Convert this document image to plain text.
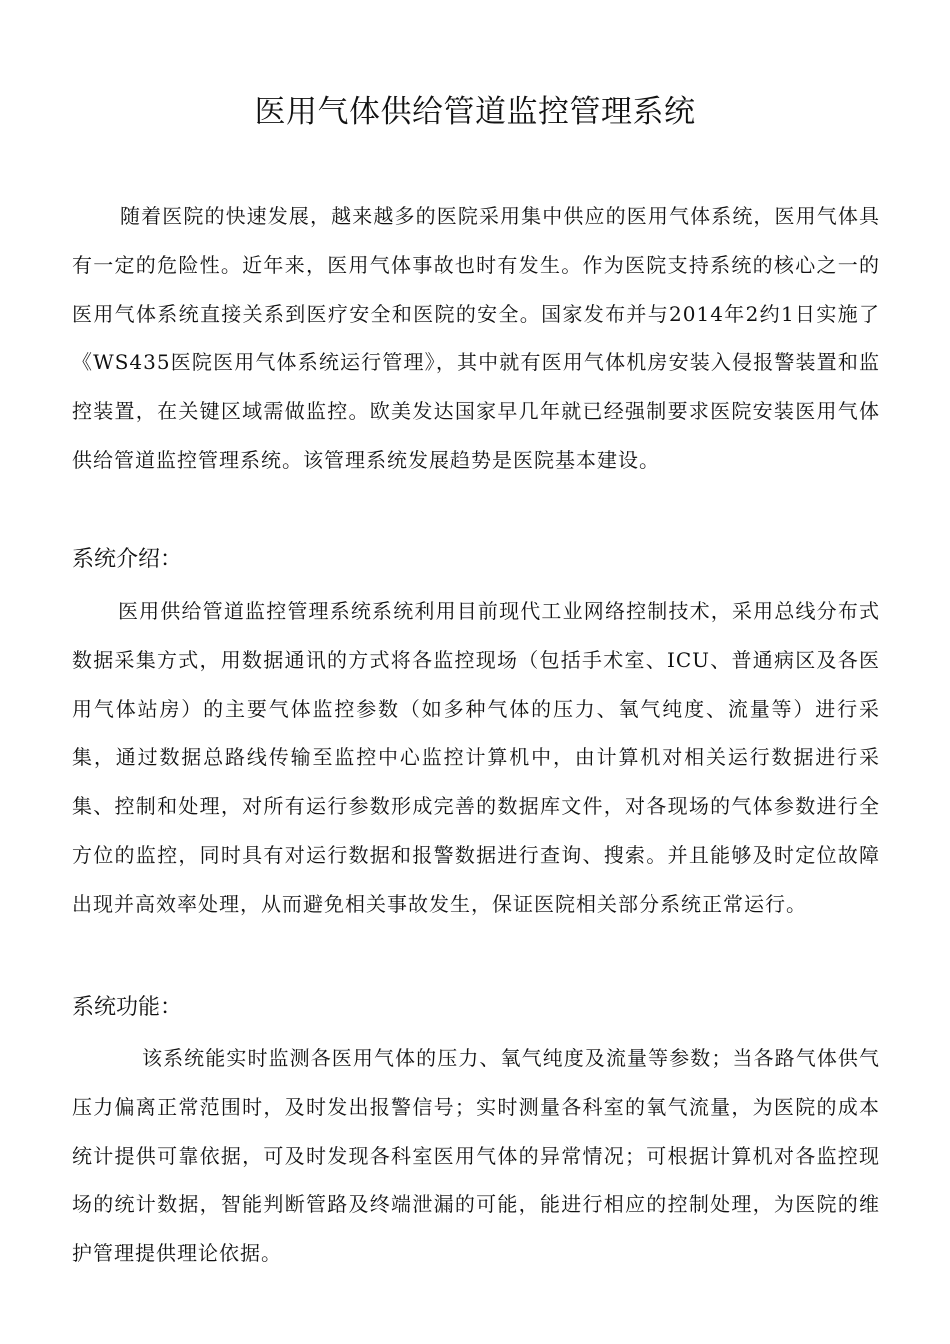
医用气体供给管道监控管理系统

随着医院的快速发展，越来越多的医院采用集中供应的医用气体系统，医用气体具有一定的危险性。近年来，医用气体事故也时有发生。作为医院支持系统的核心之一的医用气体系统直接关系到医疗安全和医院的安全。国家发布并与2014年2约1日实施了《WS435医院医用气体系统运行管理》，其中就有医用气体机房安装入侵报警装置和监控装置，在关键区域需做监控。欧美发达国家早几年就已经强制要求医院安装医用气体供给管道监控管理系统。该管理系统发展趋势是医院基本建设。

系统介绍：

医用供给管道监控管理系统系统利用目前现代工业网络控制技术，采用总线分布式数据采集方式，用数据通讯的方式将各监控现场（包括手术室、ICU、普通病区及各医用气体站房）的主要气体监控参数（如多种气体的压力、氧气纯度、流量等）进行采集，通过数据总路线传输至监控中心监控计算机中，由计算机对相关运行数据进行采集、控制和处理，对所有运行参数形成完善的数据库文件，对各现场的气体参数进行全方位的监控，同时具有对运行数据和报警数据进行查询、搜索。并且能够及时定位故障出现并高效率处理，从而避免相关事故发生，保证医院相关部分系统正常运行。

系统功能：

该系统能实时监测各医用气体的压力、氧气纯度及流量等参数；当各路气体供气压力偏离正常范围时，及时发出报警信号；实时测量各科室的氧气流量，为医院的成本统计提供可靠依据，可及时发现各科室医用气体的异常情况；可根据计算机对各监控现场的统计数据，智能判断管路及终端泄漏的可能，能进行相应的控制处理，为医院的维护管理提供理论依据。
